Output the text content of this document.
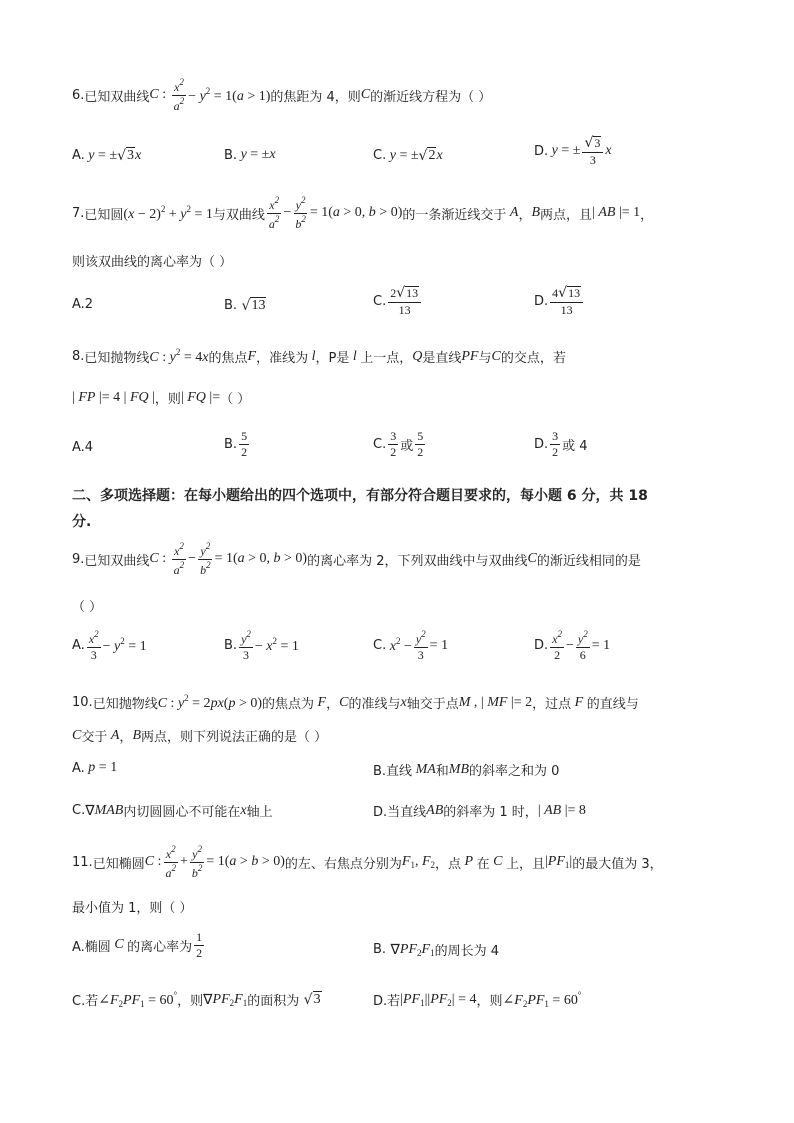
6. 已知双曲线 C : $\frac{x^2}{a^2} - y^2 = 1(a > 1)$ 的焦距为 4，则 C 的渐近线方程为（ ）
A. y = ± √ 3 x	B. y = ±x	C. y = ± √ 2 x	D. y = ± $\frac{√3}{3}$ x
7. 已知圆 $(x - 2)^2 + y^2 = 1$ 与双曲线 $\frac{x^2}{a^2} - \frac{y^2}{b^2} = 1(a > 0$, b > 0) 的一条渐近线交于 A ， B 两点，且 | AB |= 1 ，
则该双曲线的离心率为（ ）
A.2	B. √ 13	C. $\frac{2√13}{13}$	D. $\frac{4√13}{13}$
8. 已知抛物线 C : $y^2 = 4x$ 的焦点 F ，准线为 l ，P是 l 上一点， Q 是直线 PF 与 C 的交点，若
| FP |= 4 | FQ | ，则 | FQ |= （ ）
A.4	B. $\frac{5}{2}$	C. $\frac{3}{2}$ 或 $\frac{5}{2}$	D. $\frac{3}{2}$ 或 4
二、多项选择题：在每小题给出的四个选项中，有部分符合题目要求的，每小题 6 分，共 18
分.
9. 已知双曲线 C : $\frac{x^2}{a^2} - \frac{y^2}{b^2} = 1(a > 0$, b > 0) 的离心率为 2，下列双曲线中与双曲线 C 的渐近线相同的是
（ ）
A. $\frac{x^2}{3} - y^2 = 1$	B. $\frac{y^2}{3} - x^2 = 1$	C. $x^2 - \frac{y^2}{3} = 1$	D. $\frac{x^2}{2} - \frac{y^2}{6} = 1$
10. 已知抛物线 C : $y^2 = 2px(p > 0)$ 的焦点为 F ， C 的准线与 x 轴交于点 M , | MF |= 2 ，过点 F 的直线与
C 交于 A ， B 两点，则下列说法正确的是（ ）
A. p = 1	B.直线 MA 和 MB 的斜率之和为 0
C. ∇ MAB 内切圆圆心不可能在 x 轴上	D.当直线 AB 的斜率为 1 时， | AB |= 8
11. 已知椭圆 C : $\frac{x^2}{a^2} + \frac{y^2}{b^2} = 1(a > b > 0)$ 的左、右焦点分别为 $F_1$, $F_2$ ，点 P 在 C 上，且 $|PF_1|$ 的最大值为 3，
最小值为 1，则（ ）
A.椭圆 C 的离心率为 $\frac{1}{2}$	B. ∇ $PF_2F_1$ 的周长为 4
C.若 $\angle F_2PF_1 = 60^\circ$ ，则 ∇ $PF_2F_1$ 的面积为 √ 3	D.若 $|PF_1||PF_2| = 4$ ，则 $\angle F_2PF_1 = 60^\circ$
